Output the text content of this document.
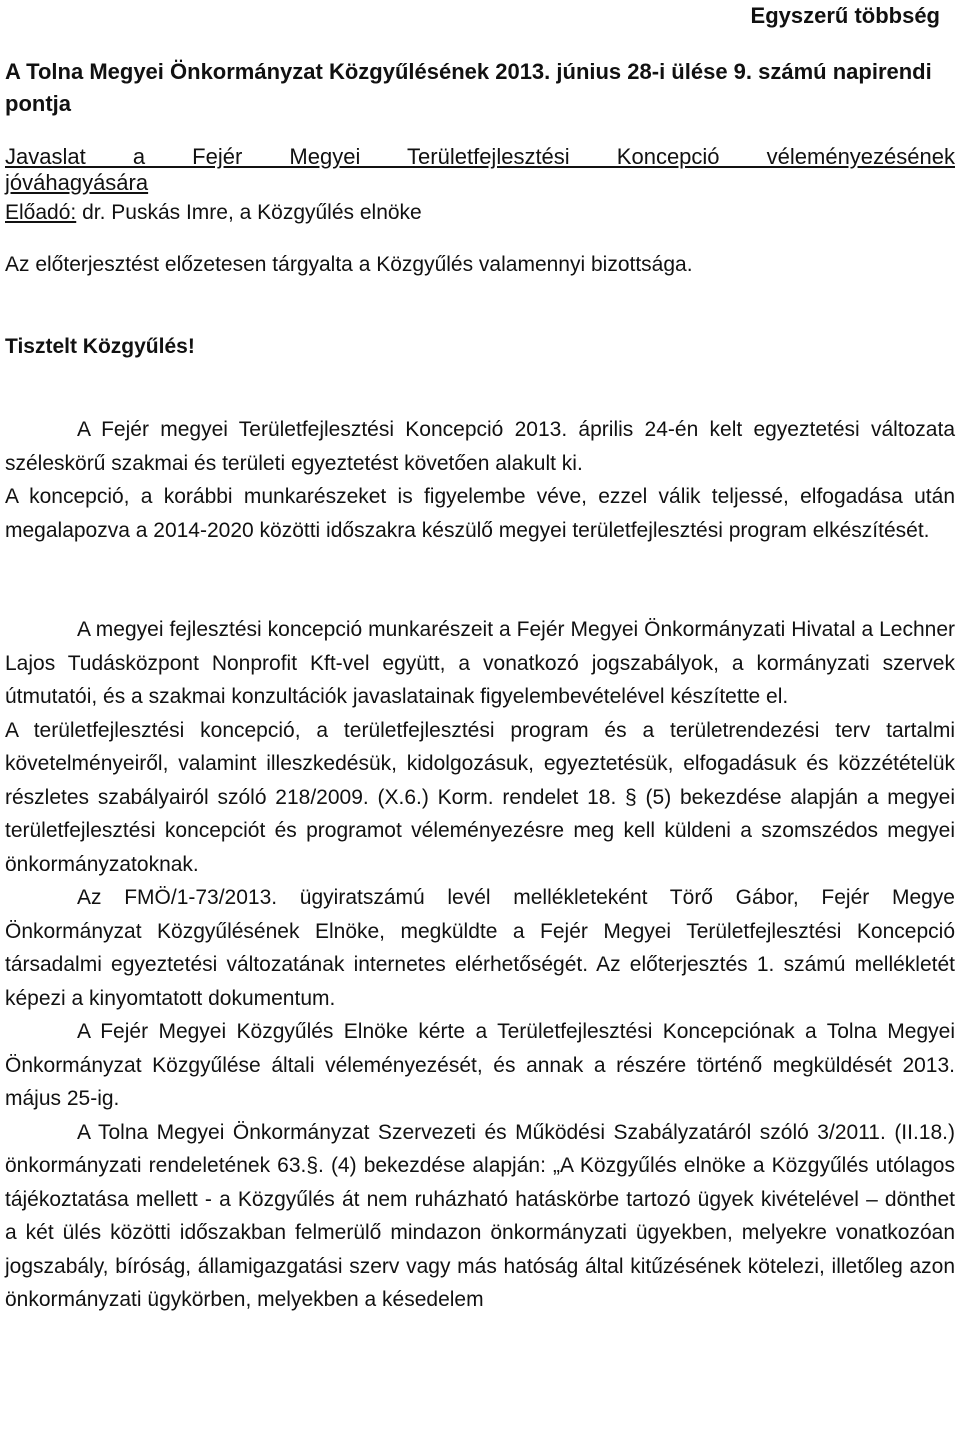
Egyszerű többség
A Tolna Megyei Önkormányzat Közgyűlésének 2013. június 28-i ülése 9. számú napirendi pontja
Javaslat a Fejér Megyei Területfejlesztési Koncepció véleményezésének
jóváhagyására
Előadó: dr. Puskás Imre, a Közgyűlés elnöke
Az előterjesztést előzetesen tárgyalta a Közgyűlés valamennyi bizottsága.
Tisztelt Közgyűlés!

A Fejér megyei Területfejlesztési Koncepció 2013. április 24-én kelt egyeztetési változata széleskörű szakmai és területi egyeztetést követően alakult ki.

A koncepció, a korábbi munkarészeket is figyelembe véve, ezzel válik teljessé, elfogadása után megalapozva a 2014-2020 közötti időszakra készülő megyei területfejlesztési program elkészítését.

A megyei fejlesztési koncepció munkarészeit a Fejér Megyei Önkormányzati Hivatal a Lechner Lajos Tudásközpont Nonprofit Kft-vel együtt, a vonatkozó jogszabályok, a kormányzati szervek útmutatói, és a szakmai konzultációk javaslatainak figyelembevételével készítette el.

A területfejlesztési koncepció, a területfejlesztési program és a területrendezési terv tartalmi követelményeiről, valamint illeszkedésük, kidolgozásuk, egyeztetésük, elfogadásuk és közzétételük részletes szabályairól szóló 218/2009. (X.6.) Korm. rendelet 18. § (5) bekezdése alapján a megyei területfejlesztési koncepciót és programot véleményezésre meg kell küldeni a szomszédos megyei önkormányzatoknak.

Az FMÖ/1-73/2013. ügyiratszámú levél mellékleteként Törő Gábor, Fejér Megye Önkormányzat Közgyűlésének Elnöke, megküldte a Fejér Megyei Területfejlesztési Koncepció társadalmi egyeztetési változatának internetes elérhetőségét. Az előterjesztés 1. számú mellékletét képezi a kinyomtatott dokumentum.

A Fejér Megyei Közgyűlés Elnöke kérte a Területfejlesztési Koncepciónak a Tolna Megyei Önkormányzat Közgyűlése általi véleményezését, és annak a részére történő megküldését 2013. május 25-ig.

A Tolna Megyei Önkormányzat Szervezeti és Működési Szabályzatáról szóló 3/2011. (II.18.) önkormányzati rendeletének 63.§. (4) bekezdése alapján: „A Közgyűlés elnöke a Közgyűlés utólagos tájékoztatása mellett - a Közgyűlés át nem ruházható hatáskörbe tartozó ügyek kivételével – dönthet a két ülés közötti időszakban felmerülő mindazon önkormányzati ügyekben, melyekre vonatkozóan jogszabály, bíróság, államigazgatási szerv vagy más hatóság által kitűzésének kötelezi, illetőleg azon önkormányzati ügykörben, melyekben a késedelem
